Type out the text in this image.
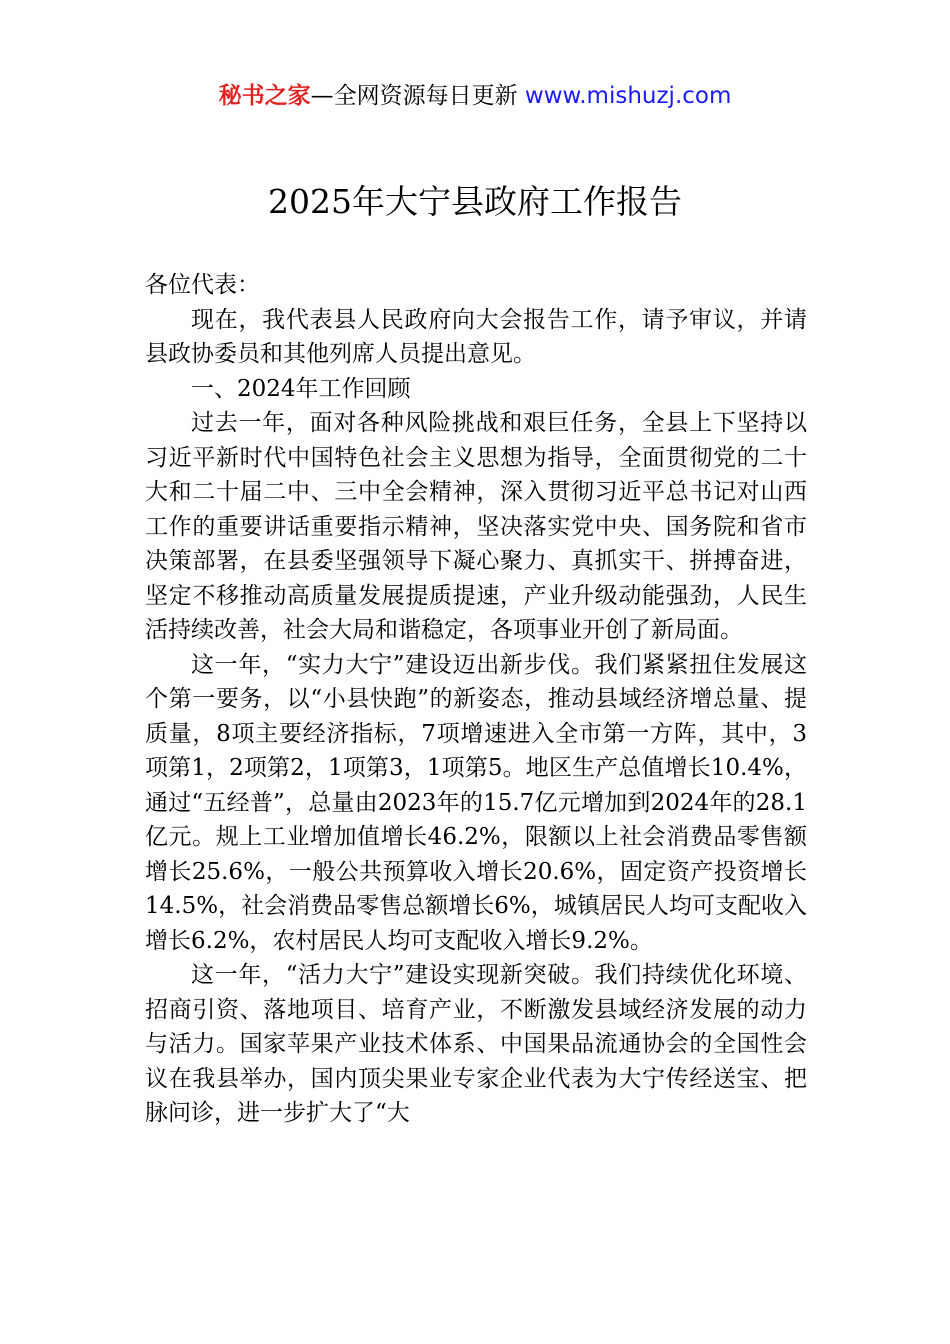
秘书之家—全网资源每日更新 www.mishuzj.com
2025年大宁县政府工作报告

各位代表：

现在，我代表县人民政府向大会报告工作，请予审议，并请县政协委员和其他列席人员提出意见。

一、2024年工作回顾

过去一年，面对各种风险挑战和艰巨任务，全县上下坚持以习近平新时代中国特色社会主义思想为指导，全面贯彻党的二十大和二十届二中、三中全会精神，深入贯彻习近平总书记对山西工作的重要讲话重要指示精神，坚决落实党中央、国务院和省市决策部署，在县委坚强领导下凝心聚力、真抓实干、拼搏奋进，坚定不移推动高质量发展提质提速，产业升级动能强劲，人民生活持续改善，社会大局和谐稳定，各项事业开创了新局面。

这一年，“实力大宁”建设迈出新步伐。我们紧紧扭住发展这个第一要务，以“小县快跑”的新姿态，推动县域经济增总量、提质量，8项主要经济指标，7项增速进入全市第一方阵，其中，3项第1，2项第2，1项第3，1项第5。地区生产总值增长10.4%，通过“五经普”，总量由2023年的15.7亿元增加到2024年的28.1亿元。规上工业增加值增长46.2%，限额以上社会消费品零售额增长25.6%，一般公共预算收入增长20.6%，固定资产投资增长14.5%，社会消费品零售总额增长6%，城镇居民人均可支配收入增长6.2%，农村居民人均可支配收入增长9.2%。

这一年，“活力大宁”建设实现新突破。我们持续优化环境、招商引资、落地项目、培育产业，不断激发县域经济发展的动力与活力。国家苹果产业技术体系、中国果品流通协会的全国性会议在我县举办，国内顶尖果业专家企业代表为大宁传经送宝、把脉问诊，进一步扩大了“大
